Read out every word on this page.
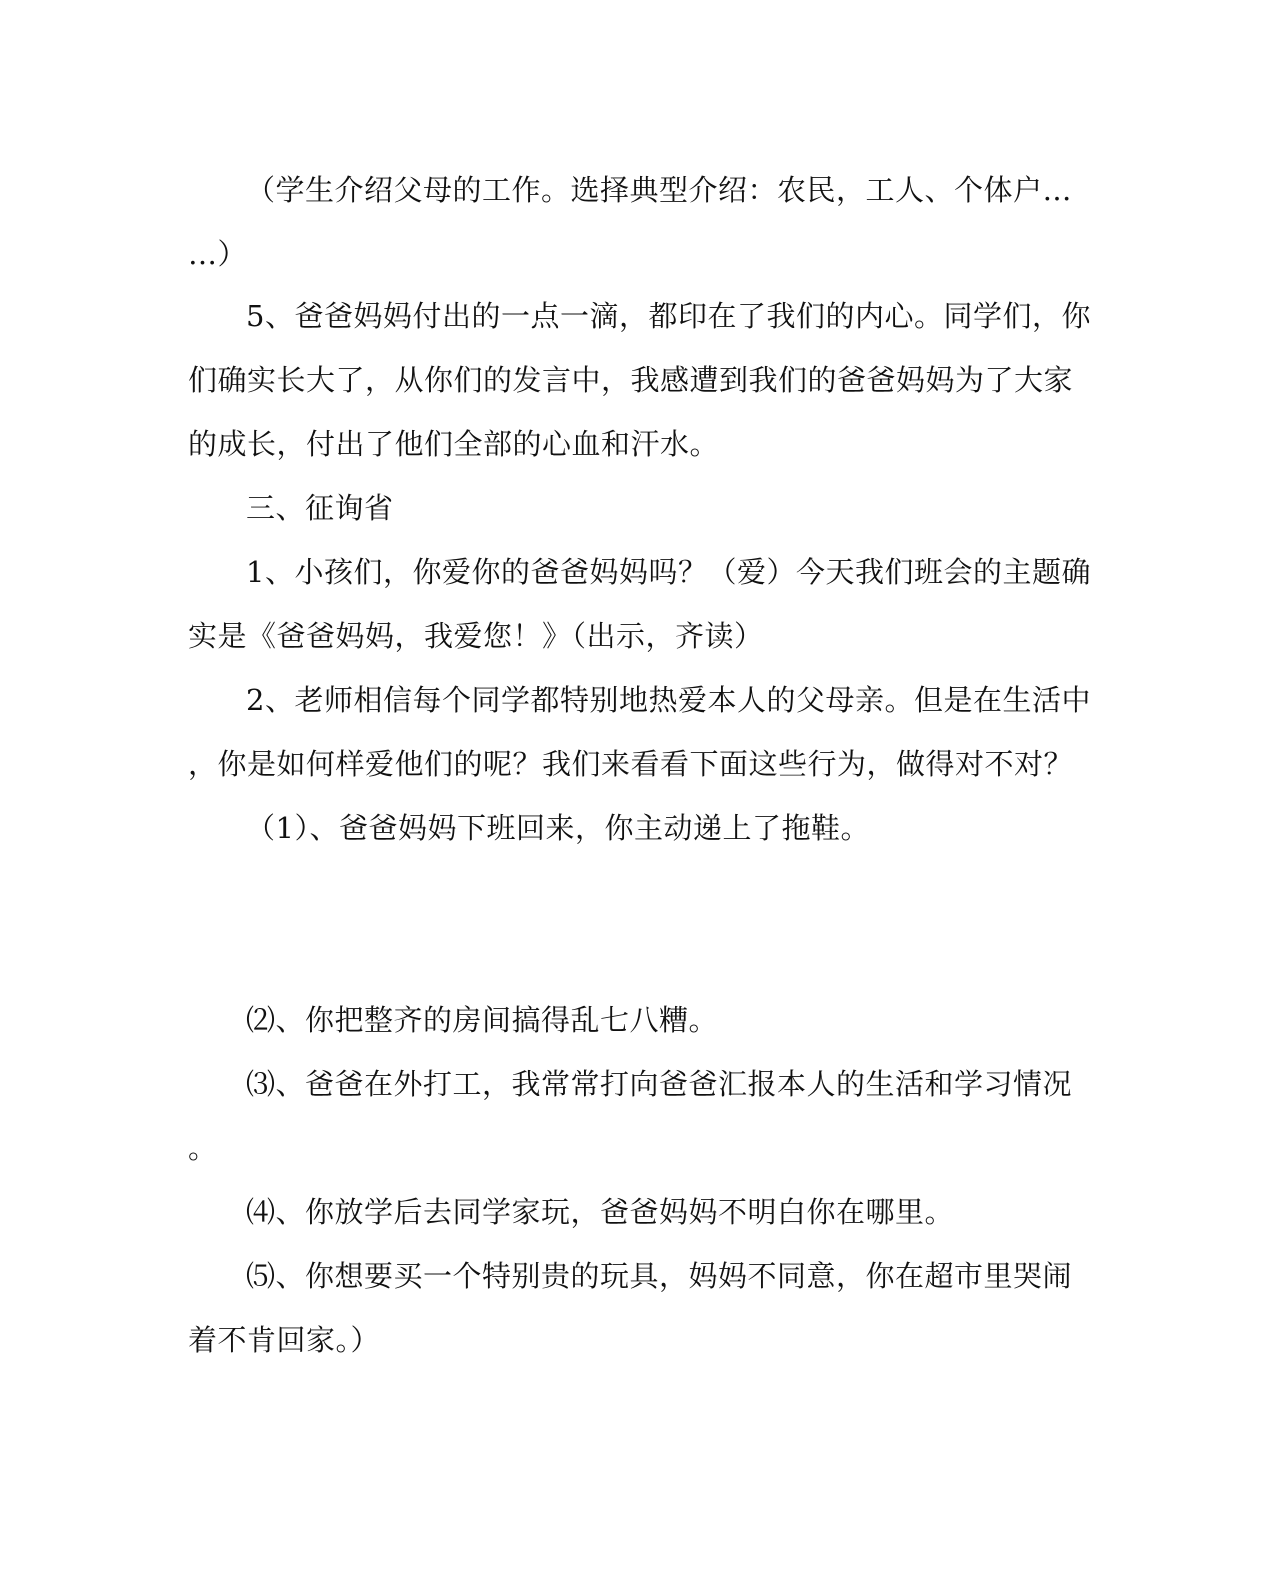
（学生介绍父母的工作。选择典型介绍：农民，工人、个体户…
…）
5、爸爸妈妈付出的一点一滴，都印在了我们的内心。同学们，你
们确实长大了，从你们的发言中，我感遭到我们的爸爸妈妈为了大家
的成长，付出了他们全部的心血和汗水。
三、征询省
1、小孩们，你爱你的爸爸妈妈吗？（爱）今天我们班会的主题确
实是《爸爸妈妈，我爱您！》（出示，齐读）
2、老师相信每个同学都特别地热爱本人的父母亲。但是在生活中
，你是如何样爱他们的呢？我们来看看下面这些行为，做得对不对？
（1）、爸爸妈妈下班回来，你主动递上了拖鞋。
⑵、你把整齐的房间搞得乱七八糟。
⑶、爸爸在外打工，我常常打向爸爸汇报本人的生活和学习情况
。
⑷、你放学后去同学家玩，爸爸妈妈不明白你在哪里。
⑸、你想要买一个特别贵的玩具，妈妈不同意，你在超市里哭闹
着不肯回家。）
